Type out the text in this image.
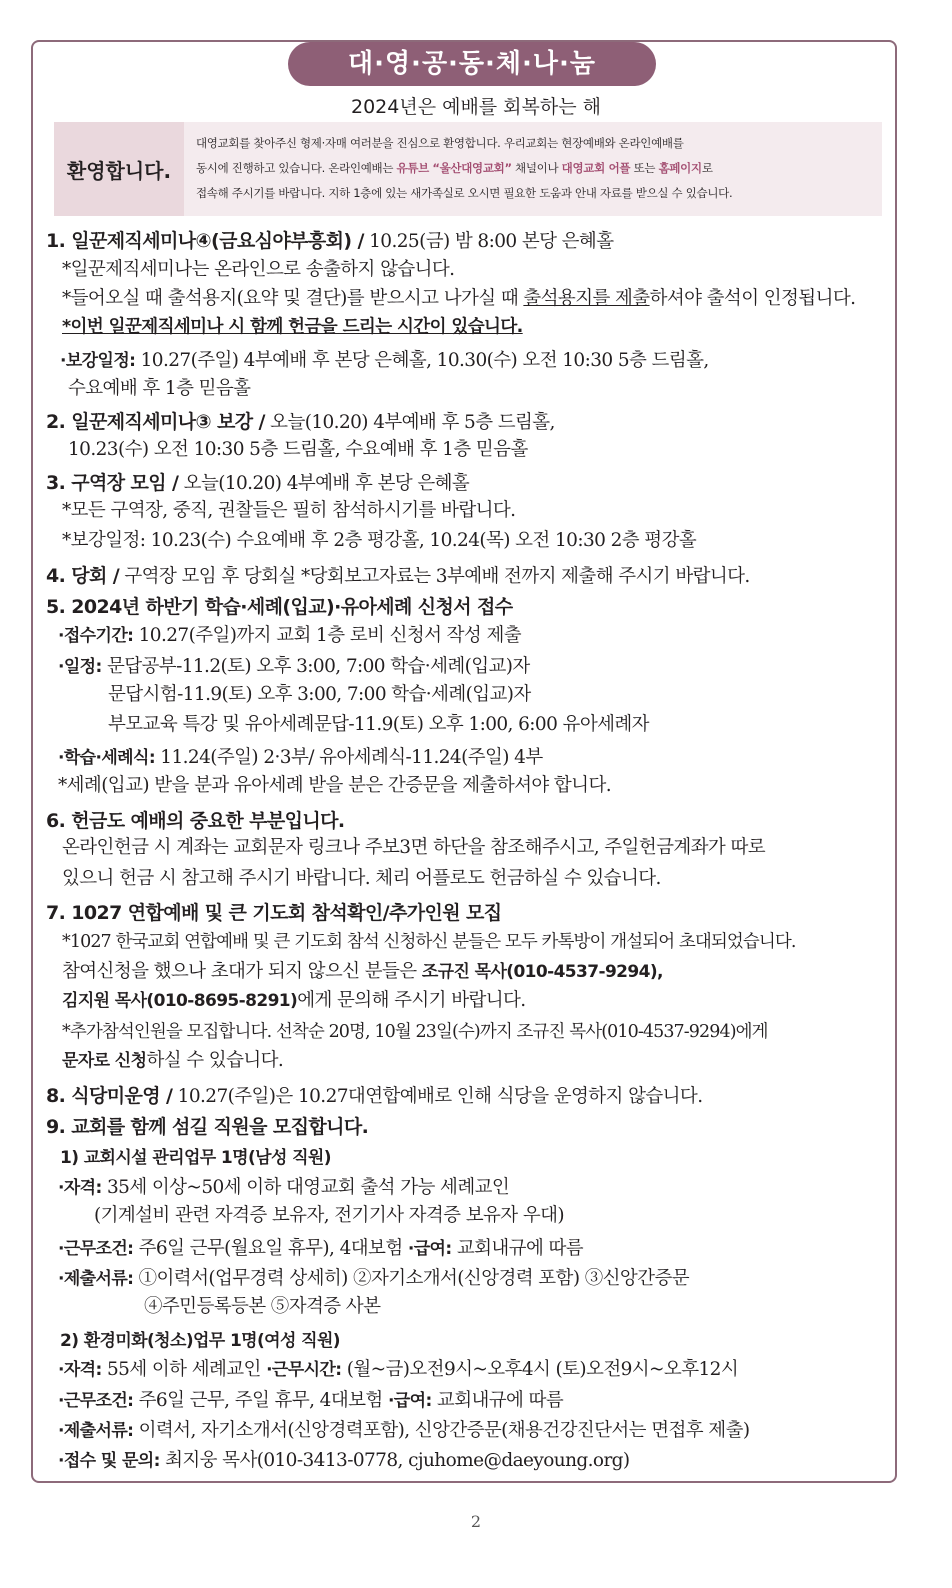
대·영·공·동·체·나·눔
2024년은 예배를 회복하는 해
환영합니다.
대영교회를 찾아주신 형제·자매 여러분을 진심으로 환영합니다. 우리교회는 현장예배와 온라인예배를
동시에 진행하고 있습니다. 온라인예배는 유튜브 “울산대영교회” 채널이나 대영교회 어플 또는 홈페이지로
접속해 주시기를 바랍니다. 지하 1층에 있는 새가족실로 오시면 필요한 도움과 안내 자료를 받으실 수 있습니다.
1. 일꾼제직세미나④(금요심야부흥회) / 10.25(금) 밤 8:00 본당 은혜홀
*일꾼제직세미나는 온라인으로 송출하지 않습니다.
*들어오실 때 출석용지(요약 및 결단)를 받으시고 나가실 때 출석용지를 제출하셔야 출석이 인정됩니다.
*이번 일꾼제직세미나 시 함께 헌금을 드리는 시간이 있습니다.
·보강일정: 10.27(주일) 4부예배 후 본당 은혜홀, 10.30(수) 오전 10:30 5층 드림홀,
수요예배 후 1층 믿음홀
2. 일꾼제직세미나③ 보강 / 오늘(10.20) 4부예배 후 5층 드림홀,
10.23(수) 오전 10:30 5층 드림홀, 수요예배 후 1층 믿음홀
3. 구역장 모임 / 오늘(10.20) 4부예배 후 본당 은혜홀
*모든 구역장, 중직, 권찰들은 필히 참석하시기를 바랍니다.
*보강일정: 10.23(수) 수요예배 후 2층 평강홀, 10.24(목) 오전 10:30 2층 평강홀
4. 당회 / 구역장 모임 후 당회실 *당회보고자료는 3부예배 전까지 제출해 주시기 바랍니다.
5. 2024년 하반기 학습·세례(입교)·유아세례 신청서 접수
·접수기간: 10.27(주일)까지 교회 1층 로비 신청서 작성 제출
·일정: 문답공부-11.2(토) 오후 3:00, 7:00 학습·세례(입교)자
문답시험-11.9(토) 오후 3:00, 7:00 학습·세례(입교)자
부모교육 특강 및 유아세례문답-11.9(토) 오후 1:00, 6:00 유아세례자
·학습·세례식: 11.24(주일) 2·3부/ 유아세례식-11.24(주일) 4부
*세례(입교) 받을 분과 유아세례 받을 분은 간증문을 제출하셔야 합니다.
6. 헌금도 예배의 중요한 부분입니다.
온라인헌금 시 계좌는 교회문자 링크나 주보3면 하단을 참조해주시고, 주일헌금계좌가 따로
있으니 헌금 시 참고해 주시기 바랍니다. 체리 어플로도 헌금하실 수 있습니다.
7. 1027 연합예배 및 큰 기도회 참석확인/추가인원 모집
*1027 한국교회 연합예배 및 큰 기도회 참석 신청하신 분들은 모두 카톡방이 개설되어 초대되었습니다.
참여신청을 했으나 초대가 되지 않으신 분들은 조규진 목사(010-4537-9294),
김지원 목사(010-8695-8291)에게 문의해 주시기 바랍니다.
*추가참석인원을 모집합니다. 선착순 20명, 10월 23일(수)까지 조규진 목사(010-4537-9294)에게
문자로 신청하실 수 있습니다.
8. 식당미운영 / 10.27(주일)은 10.27대연합예배로 인해 식당을 운영하지 않습니다.
9. 교회를 함께 섬길 직원을 모집합니다.
1) 교회시설 관리업무 1명(남성 직원)
·자격: 35세 이상~50세 이하 대영교회 출석 가능 세례교인
(기계설비 관련 자격증 보유자, 전기기사 자격증 보유자 우대)
·근무조건: 주6일 근무(월요일 휴무), 4대보험 ·급여: 교회내규에 따름
·제출서류: ①이력서(업무경력 상세히) ②자기소개서(신앙경력 포함) ③신앙간증문
④주민등록등본 ⑤자격증 사본
2) 환경미화(청소)업무 1명(여성 직원)
·자격: 55세 이하 세례교인 ·근무시간: (월~금)오전9시~오후4시 (토)오전9시~오후12시
·근무조건: 주6일 근무, 주일 휴무, 4대보험 ·급여: 교회내규에 따름
·제출서류: 이력서, 자기소개서(신앙경력포함), 신앙간증문(채용건강진단서는 면접후 제출)
·접수 및 문의: 최지웅 목사(010-3413-0778, cjuhome@daeyoung.org)
2
